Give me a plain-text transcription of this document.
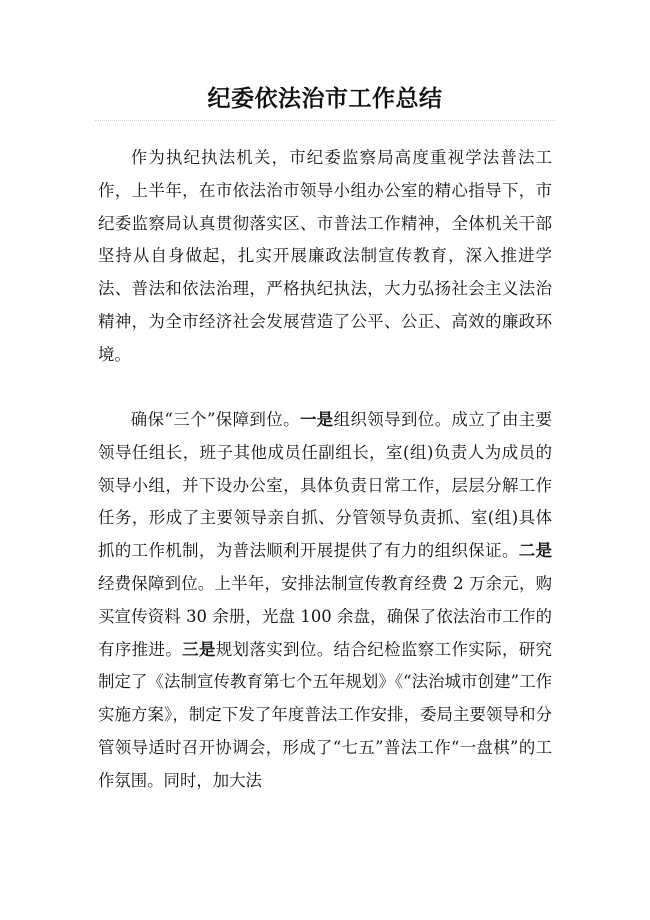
纪委依法治市工作总结

作为执纪执法机关，市纪委监察局高度重视学法普法工作，上半年，在市依法治市领导小组办公室的精心指导下，市纪委监察局认真贯彻落实区、市普法工作精神，全体机关干部坚持从自身做起，扎实开展廉政法制宣传教育，深入推进学法、普法和依法治理，严格执纪执法，大力弘扬社会主义法治精神，为全市经济社会发展营造了公平、公正、高效的廉政环境。

确保“三个”保障到位。一是组织领导到位。成立了由主要领导任组长，班子其他成员任副组长，室(组)负责人为成员的领导小组，并下设办公室，具体负责日常工作，层层分解工作任务，形成了主要领导亲自抓、分管领导负责抓、室(组)具体抓的工作机制，为普法顺利开展提供了有力的组织保证。二是经费保障到位。上半年，安排法制宣传教育经费 2 万余元，购买宣传资料 30 余册，光盘 100 余盘，确保了依法治市工作的有序推进。三是规划落实到位。结合纪检监察工作实际，研究制定了《法制宣传教育第七个五年规划》《“法治城市创建”工作实施方案》，制定下发了年度普法工作安排，委局主要领导和分管领导适时召开协调会，形成了“七五”普法工作“一盘棋”的工作氛围。同时，加大法
